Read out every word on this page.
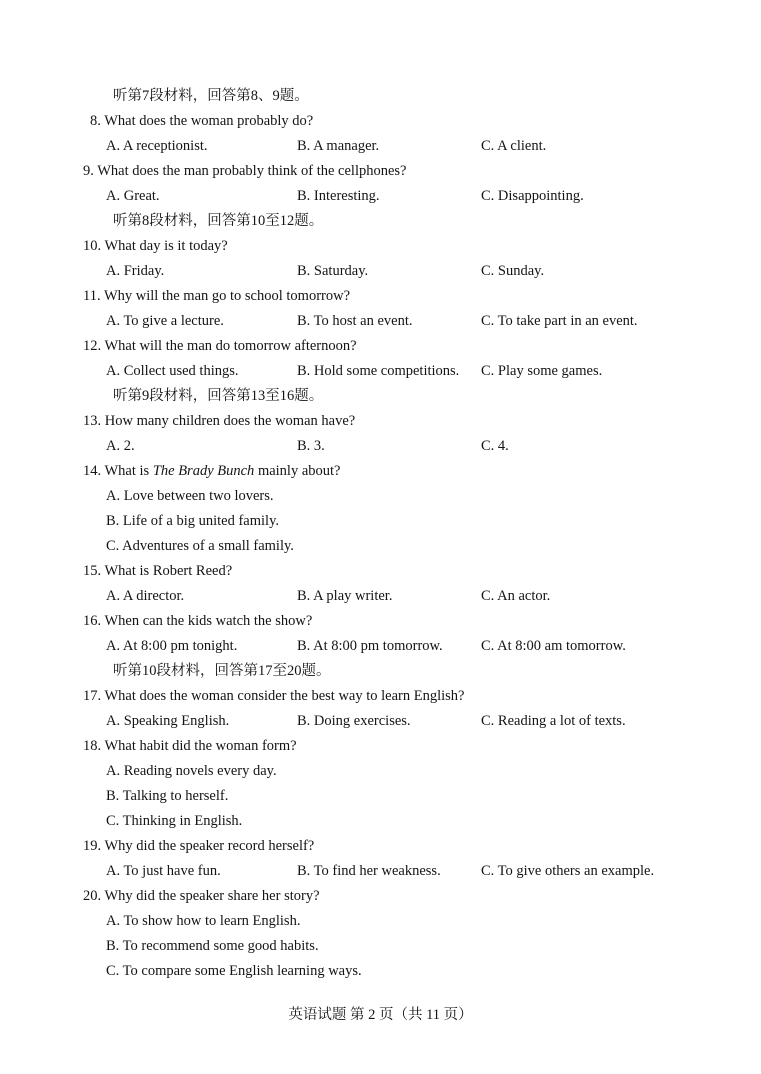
听第7段材料，回答第8、9题。
8. What does the woman probably do?
A. A receptionist.	B. A manager.	C. A client.
9. What does the man probably think of the cellphones?
A. Great.	B. Interesting.	C. Disappointing.
听第8段材料，回答第10至12题。
10. What day is it today?
A. Friday.	B. Saturday.	C. Sunday.
11. Why will the man go to school tomorrow?
A. To give a lecture.	B. To host an event.	C. To take part in an event.
12. What will the man do tomorrow afternoon?
A. Collect used things.	B. Hold some competitions. C. Play some games.
听第9段材料，回答第13至16题。
13. How many children does the woman have?
A. 2.	B. 3.	C. 4.
14. What is The Brady Bunch mainly about?
A. Love between two lovers.
B. Life of a big united family.
C. Adventures of a small family.
15. What is Robert Reed?
A. A director.	B. A play writer.	C. An actor.
16. When can the kids watch the show?
A. At 8:00 pm tonight.	B. At 8:00 pm tomorrow.	C. At 8:00 am tomorrow.
听第10段材料，回答第17至20题。
17. What does the woman consider the best way to learn English?
A. Speaking English.	B. Doing exercises.	C. Reading a lot of texts.
18. What habit did the woman form?
A. Reading novels every day.
B. Talking to herself.
C. Thinking in English.
19. Why did the speaker record herself?
A. To just have fun.	B. To find her weakness.	C. To give others an example.
20. Why did the speaker share her story?
A. To show how to learn English.
B. To recommend some good habits.
C. To compare some English learning ways.
英语试题 第 2 页（共 11 页）
